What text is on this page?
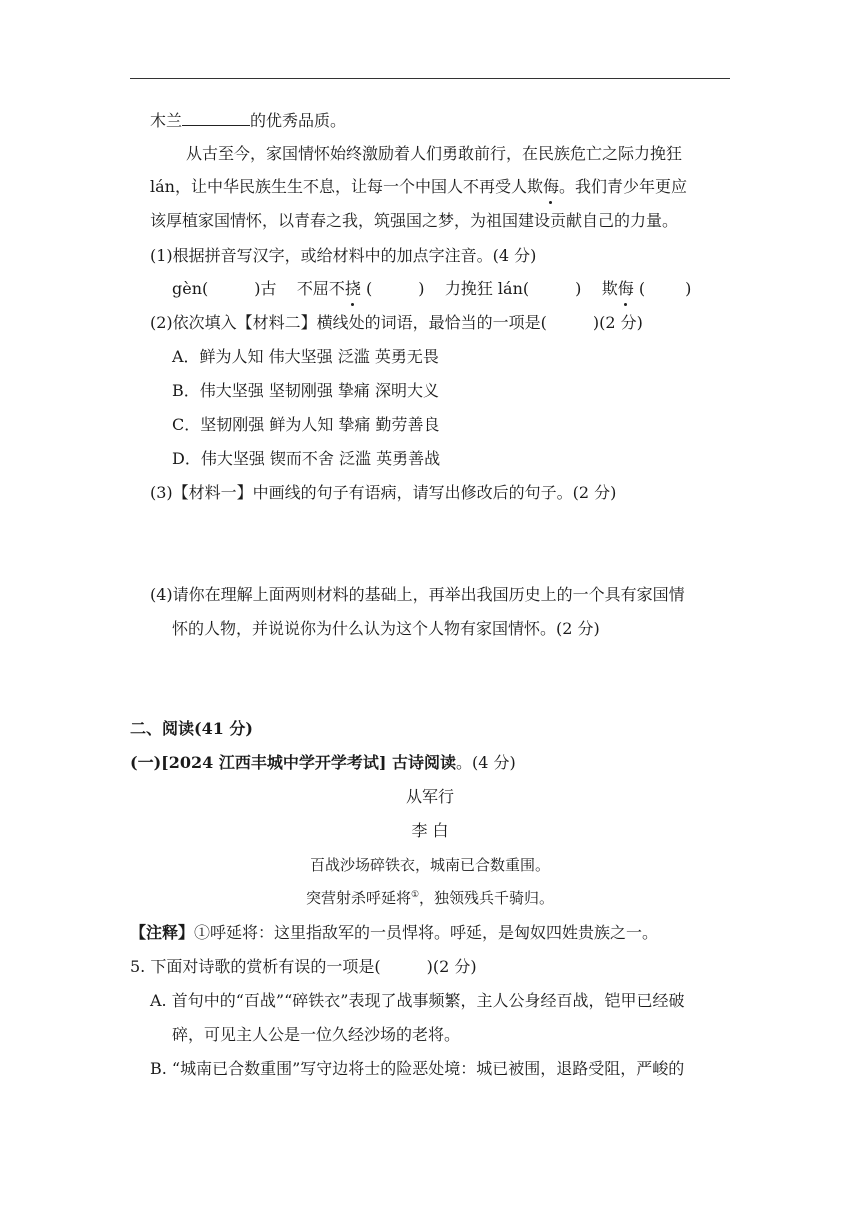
木兰	的优秀品质。
从古至今，家国情怀始终激励着人们勇敢前行，在民族危亡之际力挽狂
lán，让中华民族生生不息，让每一个中国人不再受人欺侮。我们青少年更应
该厚植家国情怀，以青春之我，筑强国之梦，为祖国建设贡献自己的力量。
(1)根据拼音写汉字，或给材料中的加点字注音。(4 分)
gèn(	)古 不屈不挠 (	) 力挽狂 lán(	) 欺侮 (	)
(2)依次填入【材料二】横线处的词语，最恰当的一项是(	)(2 分)
A．鲜为人知 伟大坚强 泛滥 英勇无畏
B．伟大坚强 坚韧刚强 挚痛 深明大义
C．坚韧刚强 鲜为人知 挚痛 勤劳善良
D．伟大坚强 锲而不舍 泛滥 英勇善战
(3)【材料一】中画线的句子有语病，请写出修改后的句子。(2 分)
(4)请你在理解上面两则材料的基础上，再举出我国历史上的一个具有家国情
怀的人物，并说说你为什么认为这个人物有家国情怀。(2 分)
二、阅读(41 分)
(一)[2024 江西丰城中学开学考试] 古诗阅读。(4 分)
从军行
李 白
百战沙场碎铁衣，城南已合数重围。
突营射杀呼延将①，独领残兵千骑归。
【注释】①呼延将：这里指敌军的一员悍将。呼延，是匈奴四姓贵族之一。
5. 下面对诗歌的赏析有误的一项是(	)(2 分)
A. 首句中的“百战”“碎铁衣”表现了战事频繁，主人公身经百战，铠甲已经破
碎，可见主人公是一位久经沙场的老将。
B. “城南已合数重围”写守边将士的险恶处境：城已被围，退路受阻，严峻的
